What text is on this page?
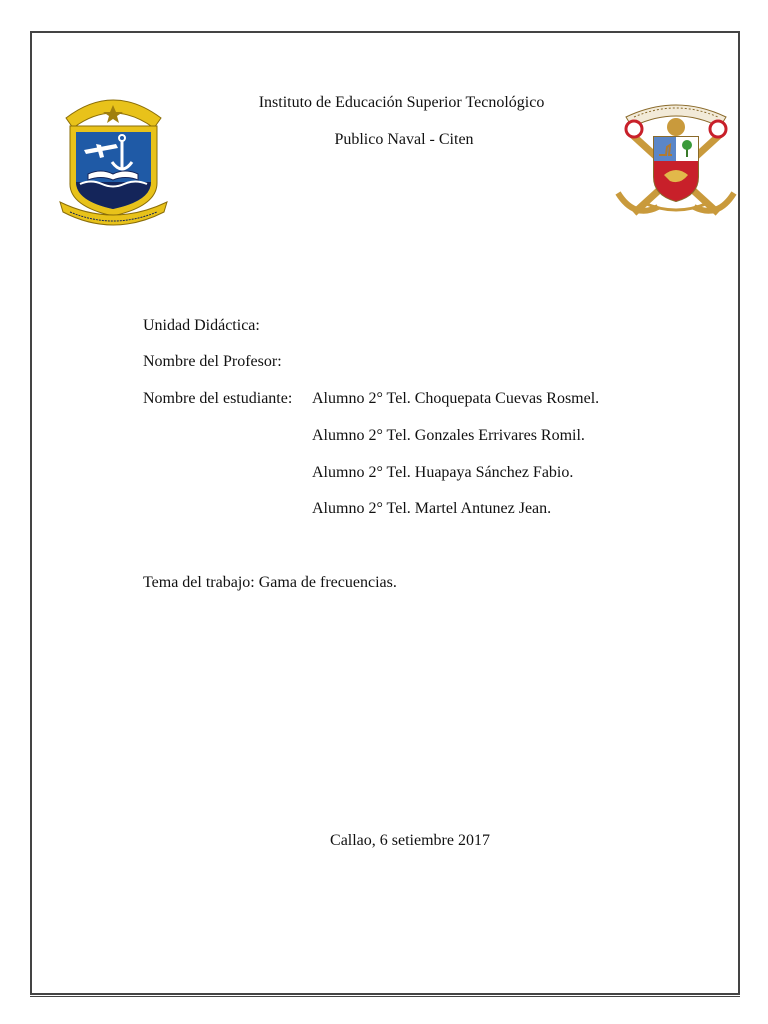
Instituto de Educación Superior Tecnológico
Publico Naval - Citen
Unidad Didáctica:
Nombre del Profesor:
Nombre del estudiante: Alumno 2° Tel. Choquepata Cuevas Rosmel.
Alumno 2° Tel. Gonzales Errivares Romil.
Alumno 2° Tel. Huapaya Sánchez Fabio.
Alumno 2° Tel. Martel Antunez Jean.
Tema del trabajo: Gama de frecuencias.
Callao, 6 setiembre 2017
